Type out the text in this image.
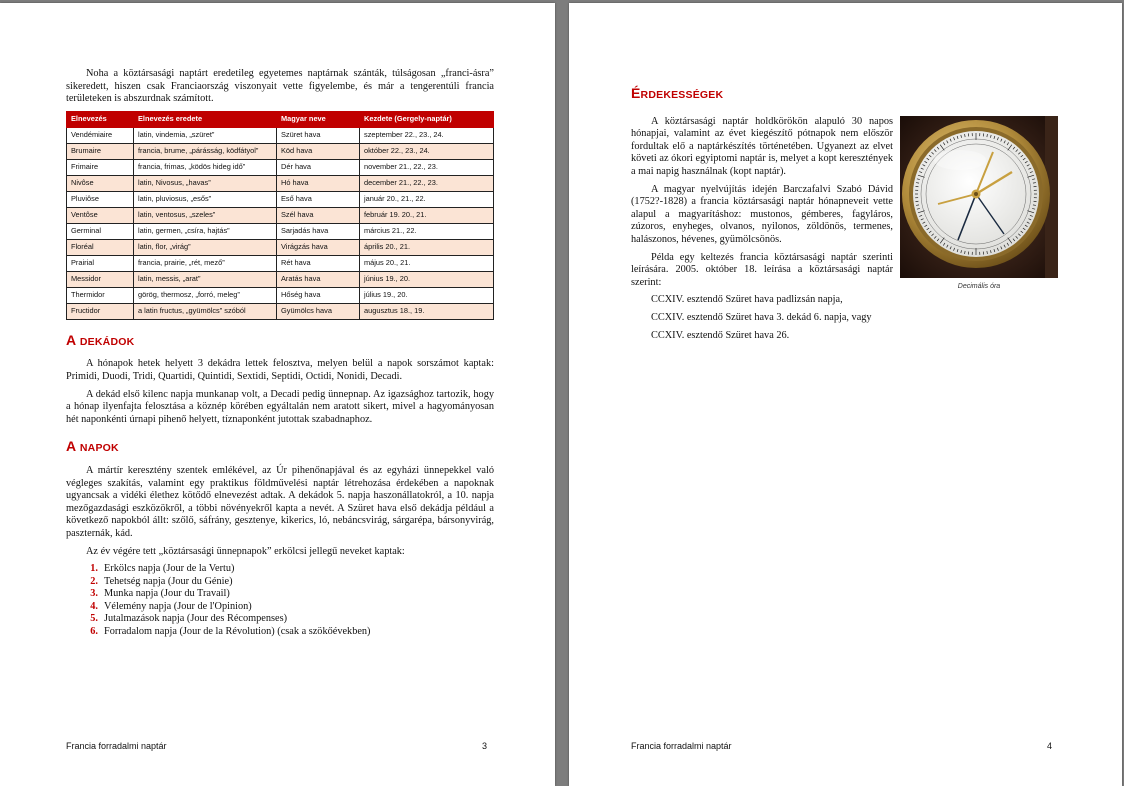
Noha a köztársasági naptárt eredetileg egyetemes naptárnak szánták, túlságosan „franci-ásra” sikeredett, hiszen csak Franciaország viszonyait vette figyelembe, és már a tengerentúli francia területeken is abszurdnak számított.

Elnevezés	Elnevezés eredete	Magyar neve	Kezdete (Gergely-naptár)
Vendémiaire	latin, vindemia, „szüret”	Szüret hava	szeptember 22., 23., 24.
Brumaire	francia, brume, „párásság, ködfátyol”	Köd hava	október 22., 23., 24.
Frimaire	francia, frimas, „ködös hideg idő”	Dér hava	november 21., 22., 23.
Nivôse	latin, Nivosus, „havas”	Hó hava	december 21., 22., 23.
Pluviôse	latin, pluviosus, „esős”	Eső hava	január 20., 21., 22.
Ventôse	latin, ventosus, „szeles”	Szél hava	február 19. 20., 21.
Germinal	latin, germen, „csíra, hajtás”	Sarjadás hava	március 21., 22.
Floréal	latin, flor, „virág”	Virágzás hava	április 20., 21.
Prairial	francia, prairie, „rét, mező”	Rét hava	május 20., 21.
Messidor	latin, messis, „arat”	Aratás hava	június 19., 20.
Thermidor	görög, thermosz, „forró, meleg”	Hőség hava	július 19., 20.
Fructidor	a latin fructus, „gyümölcs” szóból	Gyümölcs hava	augusztus 18., 19.
A DEKÁDOK

A hónapok hetek helyett 3 dekádra lettek felosztva, melyen belül a napok sorszámot kaptak: Primidi, Duodi, Tridi, Quartidi, Quintidi, Sextidi, Septidi, Octidi, Nonidi, Decadi.

A dekád első kilenc napja munkanap volt, a Decadi pedig ünnepnap. Az igazsághoz tartozik, hogy a hónap ilyenfajta felosztása a köznép körében egyáltalán nem aratott sikert, mivel a hagyományosan hét naponkénti úrnapi pihenő helyett, tíznaponként jutottak szabadnaphoz.

A NAPOK

A mártír keresztény szentek emlékével, az Úr pihenőnapjával és az egyházi ünnepekkel való végleges szakítás, valamint egy praktikus földművelési naptár létrehozása érdekében a napoknak ugyancsak a vidéki élethez kötődő elnevezést adtak. A dekádok 5. napja haszonállatokról, a 10. napja mezőgazdasági eszközökről, a többi növényekről kapta a nevét. A Szüret hava első dekádja például a következő napokból állt: szőlő, sáfrány, gesztenye, kikerics, ló, nebáncsvirág, sárgarépa, bársonyvirág, paszternák, kád.

Az év végére tett „köztársasági ünnepnapok” erkölcsi jellegű neveket kaptak:

1. Erkölcs napja (Jour de la Vertu)
2. Tehetség napja (Jour du Génie)
3. Munka napja (Jour du Travail)
4. Vélemény napja (Jour de l'Opinion)
5. Jutalmazások napja (Jour des Récompenses)
6. Forradalom napja (Jour de la Révolution) (csak a szökőévekben)
Francia forradalmi naptár	3
ÉRDEKESSÉGEK

A köztársasági naptár holdkörökön alapuló 30 napos hónapjai, valamint az évet kiegészítő pótnapok nem először fordultak elő a naptárkészítés történetében. Ugyanezt az elvet követi az ókori egyiptomi naptár is, melyet a kopt keresztények a mai napig használnak (kopt naptár).

A magyar nyelvújítás idején Barczafalvi Szabó Dávid (1752?-1828) a francia köztársasági naptár hónapneveit vette alapul a magyarításhoz: mustonos, gémberes, fagyláros, zúzoros, enyheges, olvanos, nyilonos, zöldönös, termenes, halászonos, hévenes, gyümölcsönös.

Példa egy keltezés francia köztársasági naptár szerinti leírására. 2005. október 18. leírása a köztársasági naptár szerint:

CCXIV. esztendő Szüret hava padlizsán napja,
CCXIV. esztendő Szüret hava 3. dekád 6. napja, vagy
CCXIV. esztendő Szüret hava 26.
Decimális óra
Francia forradalmi naptár	4
